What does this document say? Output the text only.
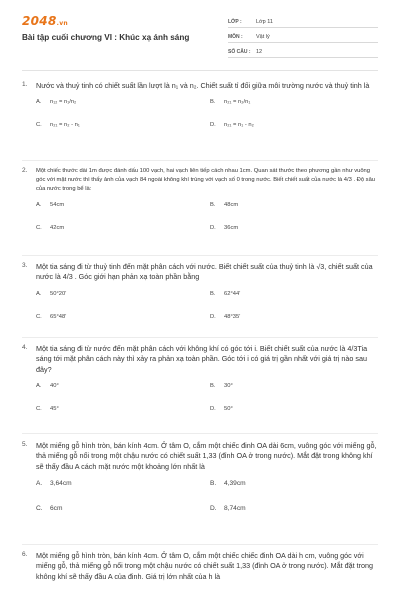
2048.vn
Bài tập cuối chương VI : Khúc xạ ánh sáng
LỚP :	Lớp 11
MÔN :	Vật lý
SỐ CÂU :	12
1. Nước và thuỷ tinh có chiết suất lần lượt là n₁ và n₂. Chiết suất tỉ đối giữa môi trường nước và thuỷ tinh là
A. n₁₂ = n₁/n₂	B. n₂₁ = n₂/n₁
C. n₂₁ = n₂ - n₁	D. n₂₁ = n₁ - n₂
2. Một chiếc thước dài 1m được đánh dấu 100 vạch, hai vạch liên tiếp cách nhau 1cm. Quan sát thước theo phương gần như vuông góc với mặt nước thì thấy ảnh của vạch 84 ngoài không khí trùng với vạch số 0 trong nước. Biết chiết suất của nước là 4/3 . Độ sâu của nước trong bể là:
A. 54cm	B. 48cm
C. 42cm	D. 36cm
3. Một tia sáng đi từ thuỷ tinh đến mặt phân cách với nước. Biết chiết suất của thuỷ tinh là √3, chiết suất của nước là 4/3 . Góc giới hạn phản xạ toàn phần bằng
A. 50°20'	B. 62°44'
C. 65°48'	D. 48°35'
4. Một tia sáng đi từ nước đến mặt phân cách với không khí có góc tới i. Biết chiết suất của nước là 4/3Tia sáng tới mặt phân cách này thì xảy ra phản xạ toàn phần. Góc tới i có giá trị gần nhất với giá trị nào sau đây?
A. 40°	B. 30°
C. 45°	D. 50°
5. Một miếng gỗ hình tròn, bán kính 4cm. Ở tâm O, cắm một chiếc đinh OA dài 6cm, vuông góc với miếng gỗ, thả miếng gỗ nổi trong một chậu nước có chiết suất 1,33 (đỉnh OA ở trong nước). Mắt đặt trong không khí sẽ thấy đầu A cách mặt nước một khoảng lớn nhất là
A. 3,64cm	B. 4,39cm
C. 6cm	D. 8,74cm
6. Một miếng gỗ hình tròn, bán kính 4cm. Ở tâm O, cắm một chiếc chiếc đinh OA dài h cm, vuông góc với miếng gỗ, thả miếng gỗ nổi trong một chậu nước có chiết suất 1,33 (đỉnh OA ở trong nước). Mắt đặt trong không khí sẽ thấy đầu A của đinh. Giá trị lớn nhất của h là
